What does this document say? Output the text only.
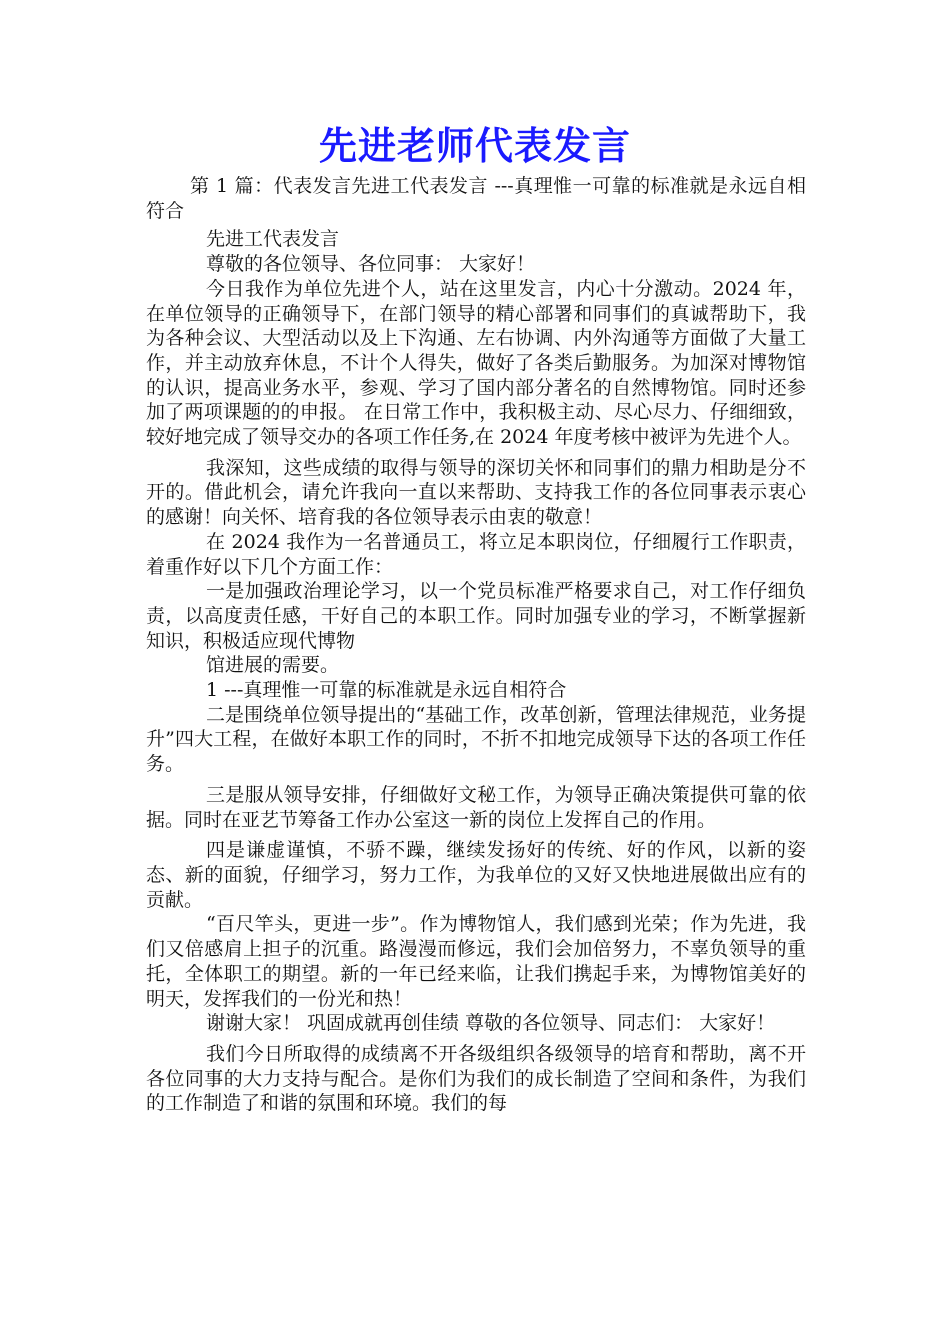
先进老师代表发言

第 1 篇：代表发言先进工代表发言 ---真理惟一可靠的标准就是永远自相符合

先进工代表发言

尊敬的各位领导、各位同事： 大家好！

今日我作为单位先进个人，站在这里发言，内心十分激动。2024 年，在单位领导的正确领导下，在部门领导的精心部署和同事们的真诚帮助下，我为各种会议、大型活动以及上下沟通、左右协调、内外沟通等方面做了大量工作，并主动放弃休息，不计个人得失，做好了各类后勤服务。为加深对博物馆的认识，提高业务水平，参观、学习了国内部分著名的自然博物馆。同时还参加了两项课题的的申报。 在日常工作中，我积极主动、尽心尽力、仔细细致，较好地完成了领导交办的各项工作任务,在 2024 年度考核中被评为先进个人。

我深知，这些成绩的取得与领导的深切关怀和同事们的鼎力相助是分不开的。借此机会，请允许我向一直以来帮助、支持我工作的各位同事表示衷心的感谢！向关怀、培育我的各位领导表示由衷的敬意！

在 2024 我作为一名普通员工，将立足本职岗位，仔细履行工作职责，着重作好以下几个方面工作：

一是加强政治理论学习，以一个党员标准严格要求自己，对工作仔细负责，以高度责任感，干好自己的本职工作。同时加强专业的学习，不断掌握新知识，积极适应现代博物

馆进展的需要。

1 ---真理惟一可靠的标准就是永远自相符合

二是围绕单位领导提出的“基础工作，改革创新，管理法律规范，业务提升”四大工程，在做好本职工作的同时，不折不扣地完成领导下达的各项工作任务。

三是服从领导安排，仔细做好文秘工作，为领导正确决策提供可靠的依据。同时在亚艺节筹备工作办公室这一新的岗位上发挥自己的作用。

四是谦虚谨慎，不骄不躁，继续发扬好的传统、好的作风，以新的姿态、新的面貌，仔细学习，努力工作，为我单位的又好又快地进展做出应有的贡献。

“百尺竿头，更进一步”。作为博物馆人，我们感到光荣；作为先进，我们又倍感肩上担子的沉重。路漫漫而修远，我们会加倍努力，不辜负领导的重托，全体职工的期望。新的一年已经来临，让我们携起手来，为博物馆美好的明天，发挥我们的一份光和热！

谢谢大家！ 巩固成就再创佳绩 尊敬的各位领导、同志们： 大家好！

我们今日所取得的成绩离不开各级组织各级领导的培育和帮助，离不开各位同事的大力支持与配合。是你们为我们的成长制造了空间和条件，为我们的工作制造了和谐的氛围和环境。我们的每
